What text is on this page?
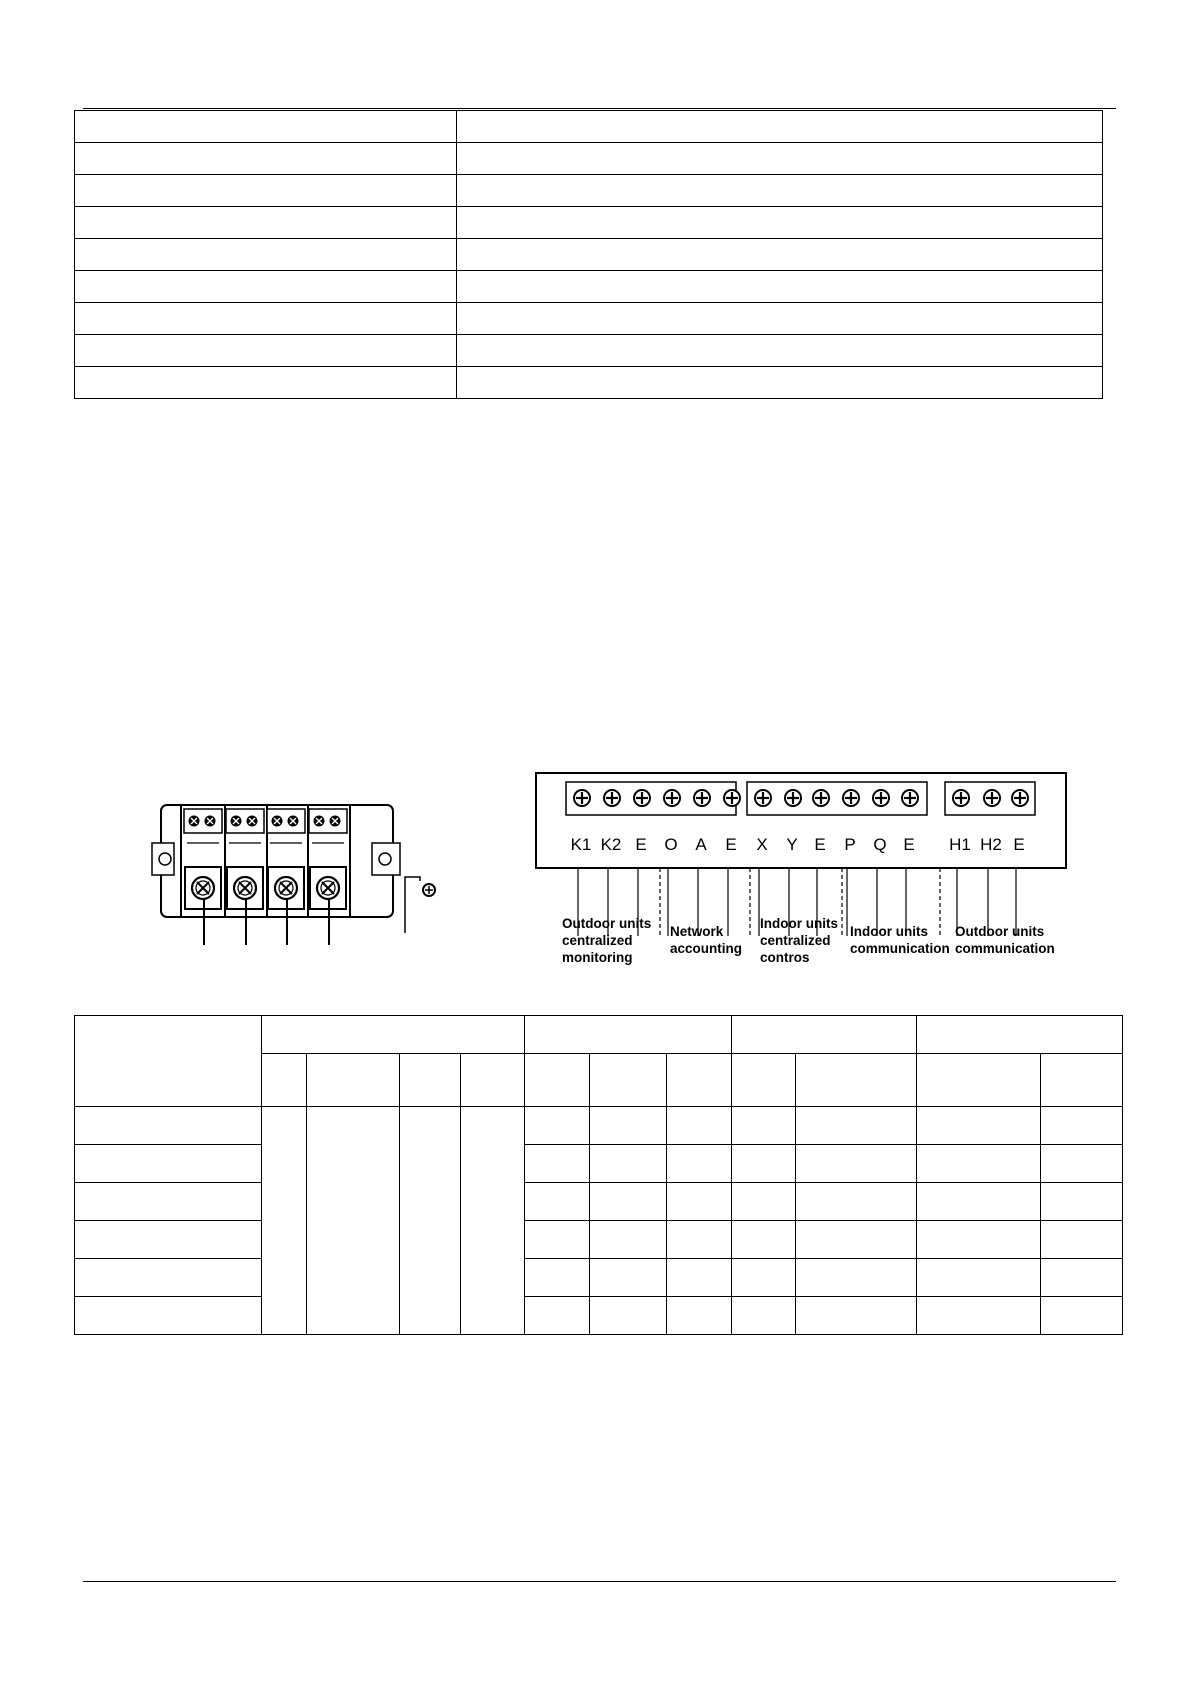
K1 K2 E O A E X Y E P Q E H1 H2 E
Outdoor units
centralized
monitoring
Network
accounting
Indoor units
centralized
contros
Indoor units
communication
Outdoor units
communication
